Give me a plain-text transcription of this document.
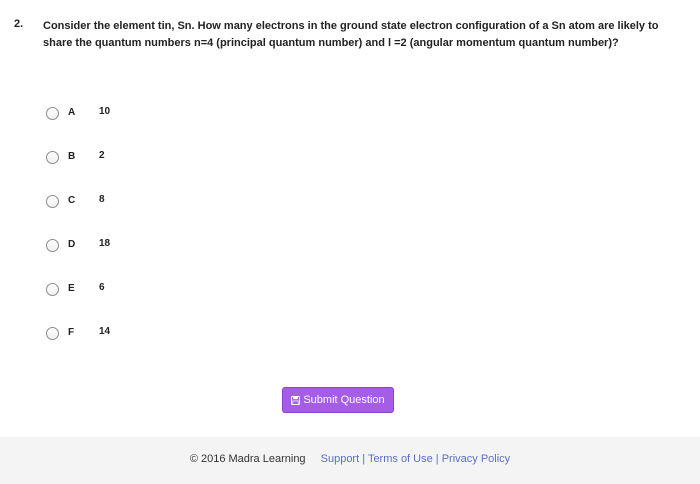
2. Consider the element tin, Sn. How many electrons in the ground state electron configuration of a Sn atom are likely to share the quantum numbers n=4 (principal quantum number) and l =2 (angular momentum quantum number)?
A 10
B 2
C 8
D 18
E 6
F 14
Submit Question
© 2016 Madra Learning Support | Terms of Use | Privacy Policy
